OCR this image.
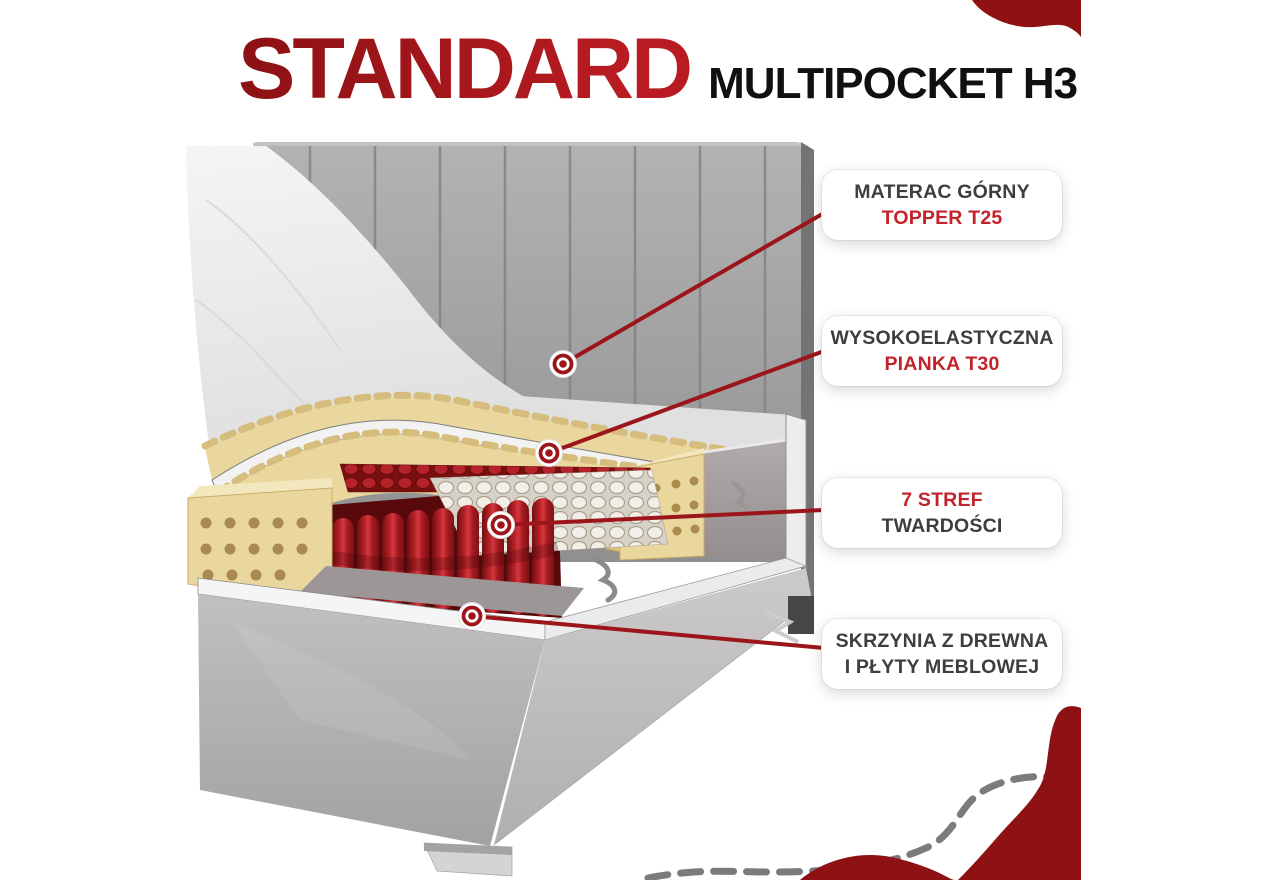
STANDARD MULTIPOCKET H3
MATERAC GÓRNY
TOPPER T25
WYSOKOELASTYCZNA
PIANKA T30
7 STREF
TWARDOŚCI
SKRZYNIA Z DREWNA
I PŁYTY MEBLOWEJ
